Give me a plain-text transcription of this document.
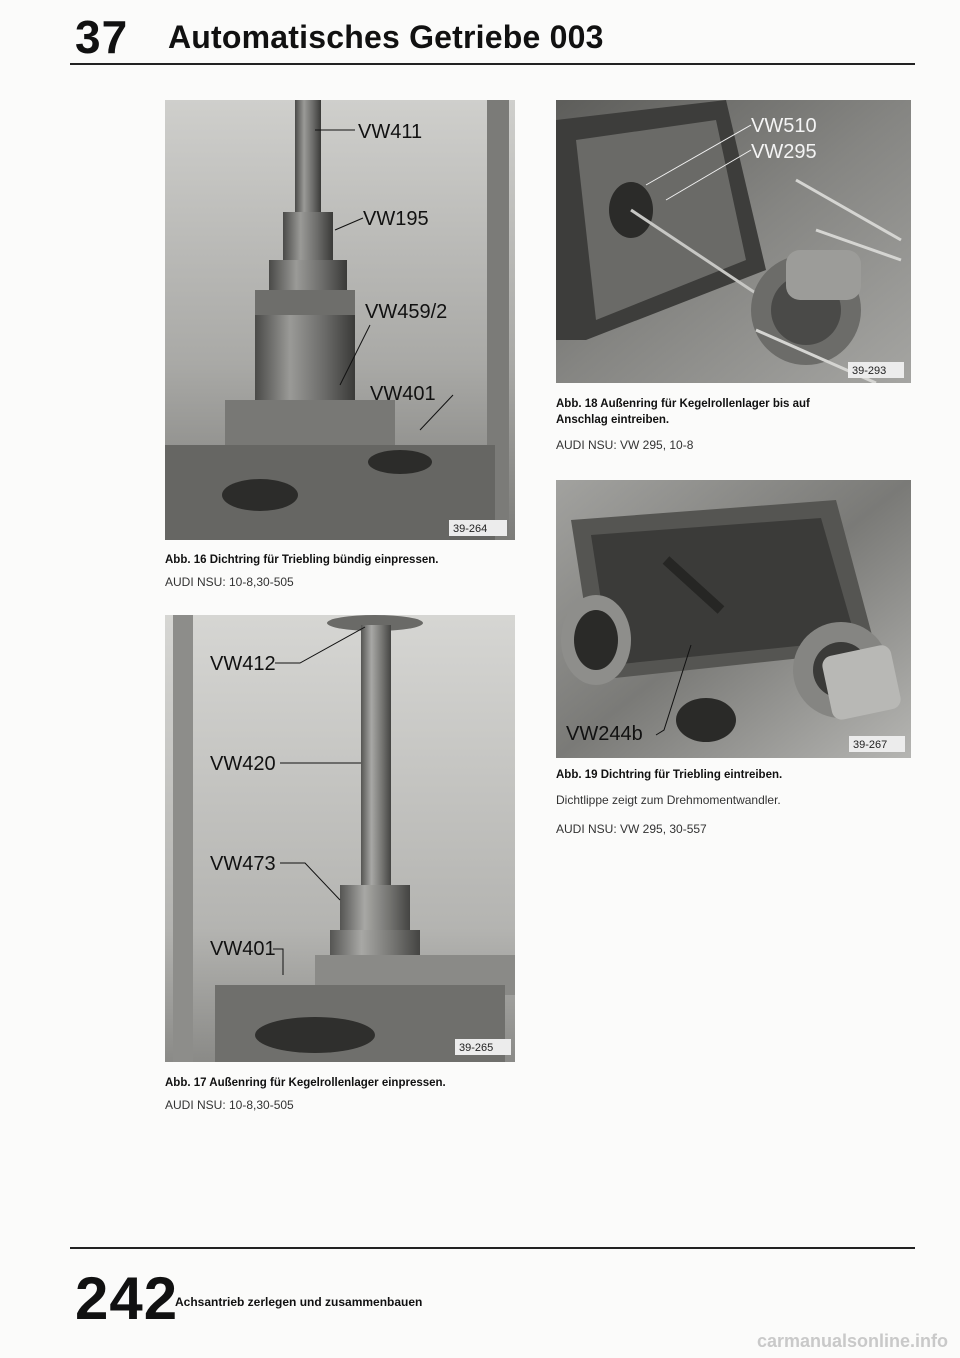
37 Automatisches Getriebe 003
VW411
VW195
VW459/2
VW401
39-264
Abb. 16 Dichtring für Triebling bündig einpressen.
AUDI NSU: 10-8,30-505
VW412
VW420
VW473
VW401
39-265
Abb. 17 Außenring für Kegelrollenlager einpressen.
AUDI NSU: 10-8,30-505
VW510
VW295
39-293
Abb. 18 Außenring für Kegelrollenlager bis auf
Anschlag eintreiben.
AUDI NSU: VW 295, 10-8
VW244b	39-267
Abb. 19 Dichtring für Triebling eintreiben.
Dichtlippe zeigt zum Drehmomentwandler.
AUDI NSU: VW 295, 30-557
242
Achsantrieb zerlegen und zusammenbauen
carmanualsonline.info
